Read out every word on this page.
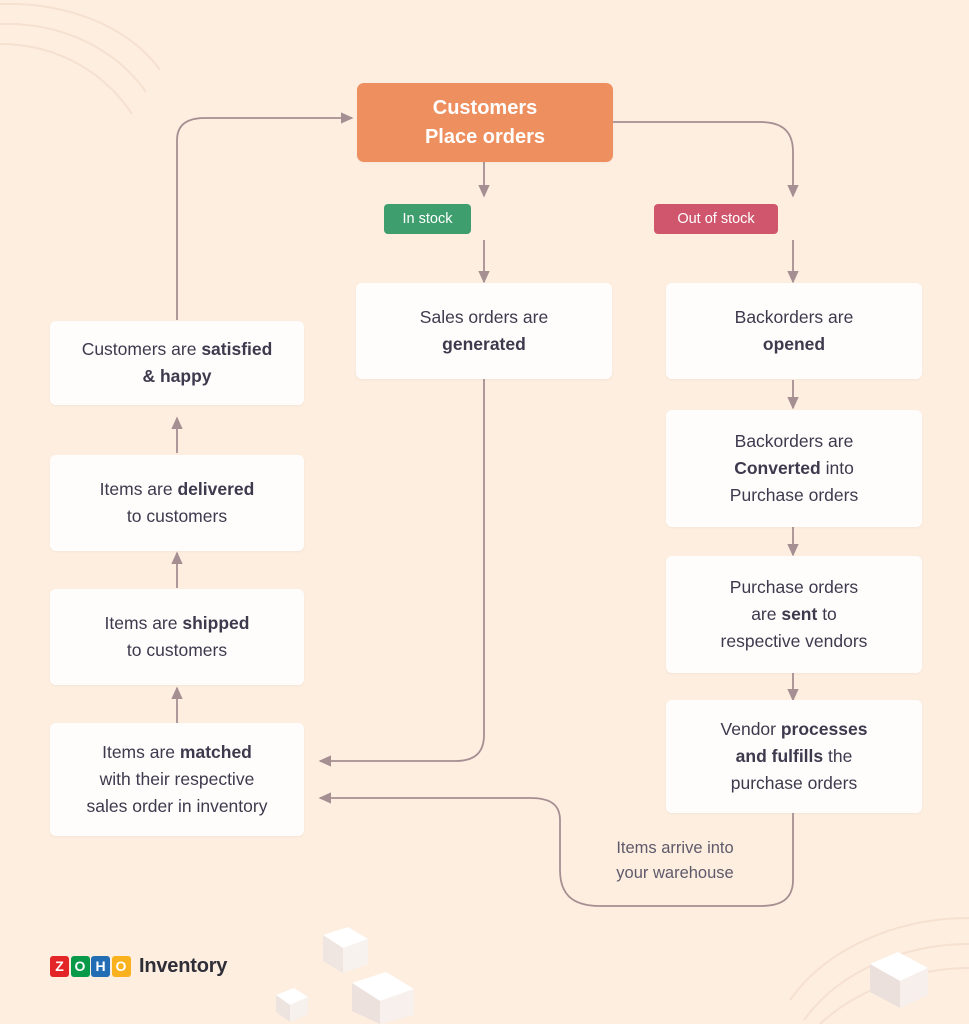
Customers
Place orders
In stock	Out of stock
Sales orders are
generated
Backorders are
opened
Backorders are
Converted into
Purchase orders
Purchase orders
are sent to
respective vendors
Vendor processes
and fulfills the
purchase orders
Items are matched
with their respective
sales order in inventory
Items are shipped
to customers
Items are delivered
to customers
Customers are satisfied
& happy
Items arrive into
your warehouse
Z O H O Inventory
